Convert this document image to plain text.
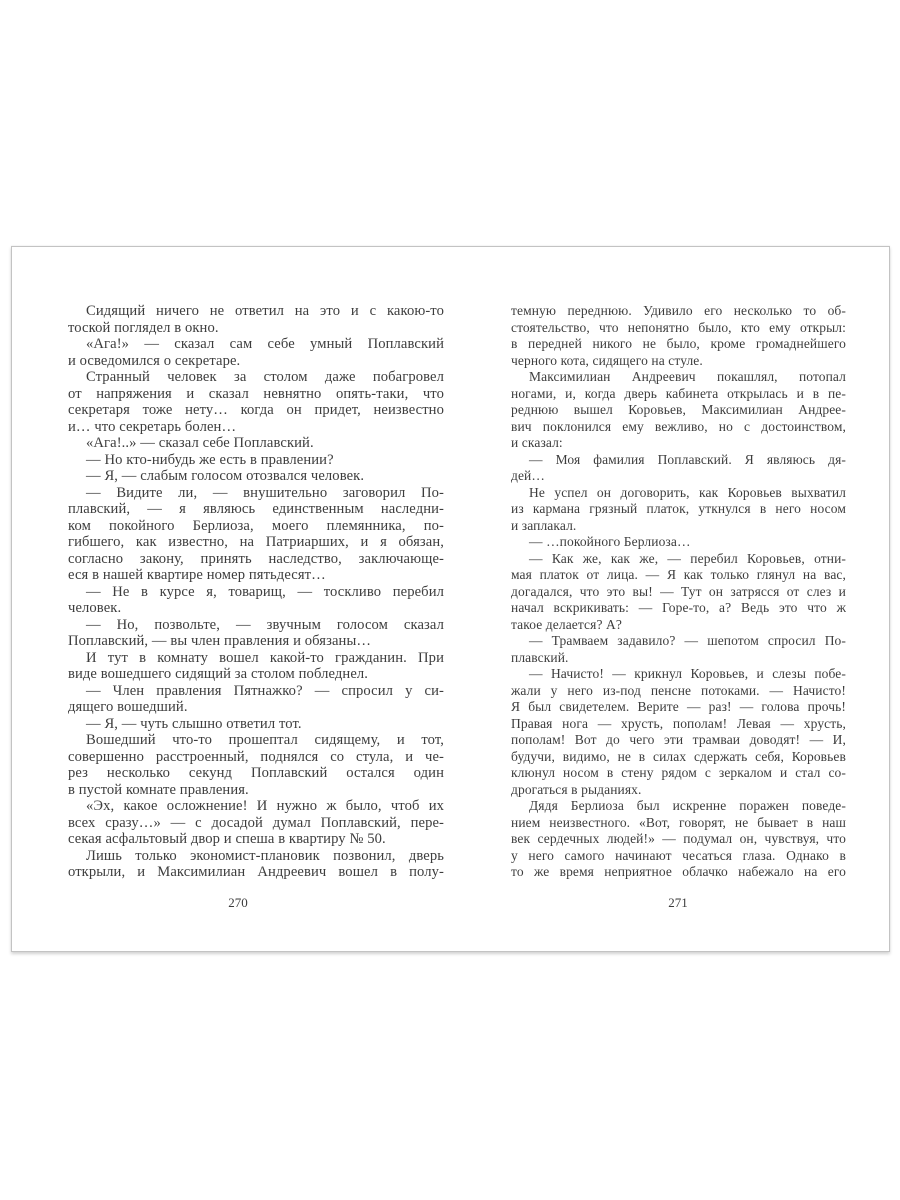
Сидящий ничего не ответил на это и с какою-то
тоской поглядел в окно.
«Ага!» — сказал сам себе умный Поплавский
и осведомился о секретаре.
Странный человек за столом даже побагровел
от напряжения и сказал невнятно опять-таки, что
секретаря тоже нету… когда он придет, неизвестно
и… что секретарь болен…
«Ага!..» — сказал себе Поплавский.
— Но кто-нибудь же есть в правлении?
— Я, — слабым голосом отозвался человек.
— Видите ли, — внушительно заговорил По-
плавский, — я являюсь единственным наследни-
ком покойного Берлиоза, моего племянника, по-
гибшего, как известно, на Патриарших, и я обязан,
согласно закону, принять наследство, заключающе-
еся в нашей квартире номер пятьдесят…
— Не в курсе я, товарищ, — тоскливо перебил
человек.
— Но, позвольте, — звучным голосом сказал
Поплавский, — вы член правления и обязаны…
И тут в комнату вошел какой-то гражданин. При
виде вошедшего сидящий за столом побледнел.
— Член правления Пятнажко? — спросил у си-
дящего вошедший.
— Я, — чуть слышно ответил тот.
Вошедший что-то прошептал сидящему, и тот,
совершенно расстроенный, поднялся со стула, и че-
рез несколько секунд Поплавский остался один
в пустой комнате правления.
«Эх, какое осложнение! И нужно ж было, чтоб их
всех сразу…» — с досадой думал Поплавский, пере-
секая асфальтовый двор и спеша в квартиру № 50.
Лишь только экономист-плановик позвонил, дверь
открыли, и Максимилиан Андреевич вошел в полу-
темную переднюю. Удивило его несколько то об-
стоятельство, что непонятно было, кто ему открыл:
в передней никого не было, кроме громаднейшего
черного кота, сидящего на стуле.
Максимилиан Андреевич покашлял, потопал
ногами, и, когда дверь кабинета открылась и в пе-
реднюю вышел Коровьев, Максимилиан Андрее-
вич поклонился ему вежливо, но с достоинством,
и сказал:
— Моя фамилия Поплавский. Я являюсь дя-
дей…
Не успел он договорить, как Коровьев выхватил
из кармана грязный платок, уткнулся в него носом
и заплакал.
— …покойного Берлиоза…
— Как же, как же, — перебил Коровьев, отни-
мая платок от лица. — Я как только глянул на вас,
догадался, что это вы! — Тут он затрясся от слез и
начал вскрикивать: — Горе-то, а? Ведь это что ж
такое делается? А?
— Трамваем задавило? — шепотом спросил По-
плавский.
— Начисто! — крикнул Коровьев, и слезы побе-
жали у него из-под пенсне потоками. — Начисто!
Я был свидетелем. Верите — раз! — голова прочь!
Правая нога — хрусть, пополам! Левая — хрусть,
пополам! Вот до чего эти трамваи доводят! — И,
будучи, видимо, не в силах сдержать себя, Коровьев
клюнул носом в стену рядом с зеркалом и стал со-
дрогаться в рыданиях.
Дядя Берлиоза был искренне поражен поведе-
нием неизвестного. «Вот, говорят, не бывает в наш
век сердечных людей!» — подумал он, чувствуя, что
у него самого начинают чесаться глаза. Однако в
то же время неприятное облачко набежало на его
270	271
